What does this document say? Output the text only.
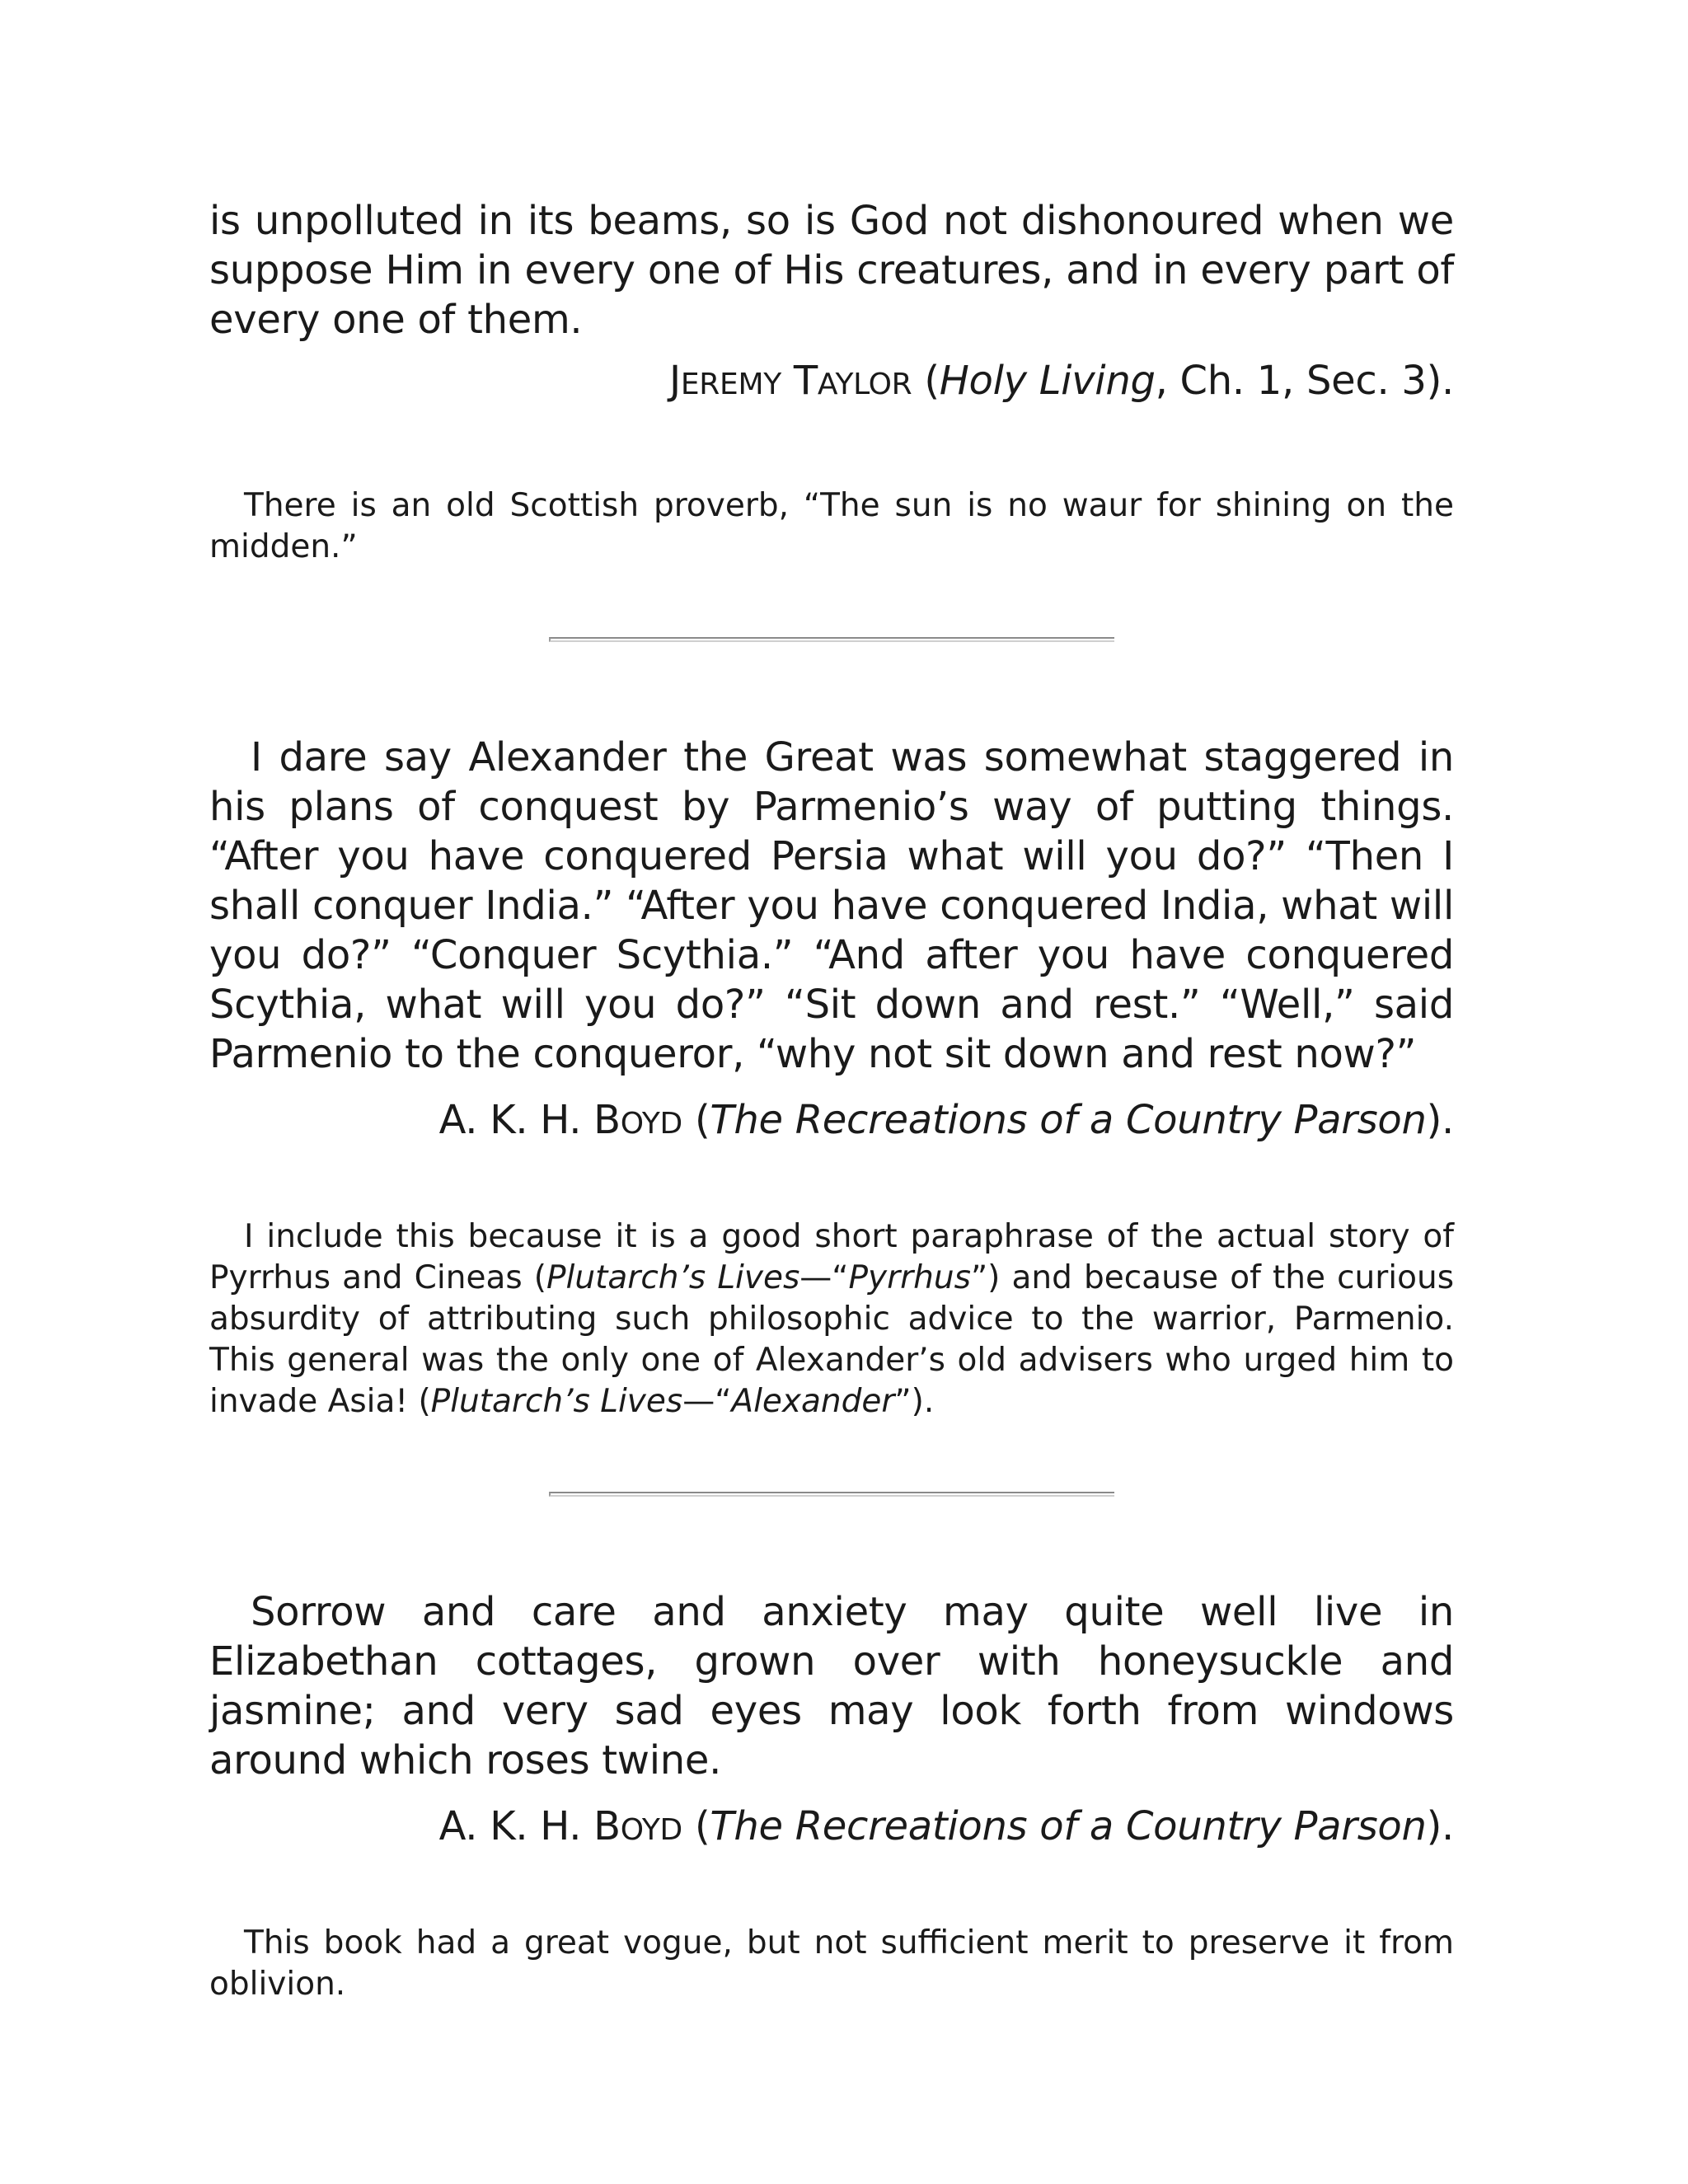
is unpolluted in its beams, so is God not dishonoured when we suppose Him in every one of His creatures, and in every part of every one of them.

JEREMY TAYLOR (Holy Living, Ch. 1, Sec. 3).

There is an old Scottish proverb, “The sun is no waur for shining on the midden.”

I dare say Alexander the Great was somewhat staggered in his plans of conquest by Parmenio’s way of putting things. “After you have conquered Persia what will you do?” “Then I shall conquer India.” “After you have conquered India, what will you do?” “Conquer Scythia.” “And after you have conquered Scythia, what will you do?” “Sit down and rest.” “Well,” said Parmenio to the conqueror, “why not sit down and rest now?”

A. K. H. BOYD (The Recreations of a Country Parson).

I include this because it is a good short paraphrase of the actual story of Pyrrhus and Cineas (Plutarch’s Lives—“Pyrrhus”) and because of the curious absurdity of attributing such philosophic advice to the warrior, Parmenio. This general was the only one of Alexander’s old advisers who urged him to invade Asia! (Plutarch’s Lives—“Alexander”).

Sorrow and care and anxiety may quite well live in Elizabethan cottages, grown over with honeysuckle and jasmine; and very sad eyes may look forth from windows around which roses twine.

A. K. H. BOYD (The Recreations of a Country Parson).

This book had a great vogue, but not sufficient merit to preserve it from oblivion.
